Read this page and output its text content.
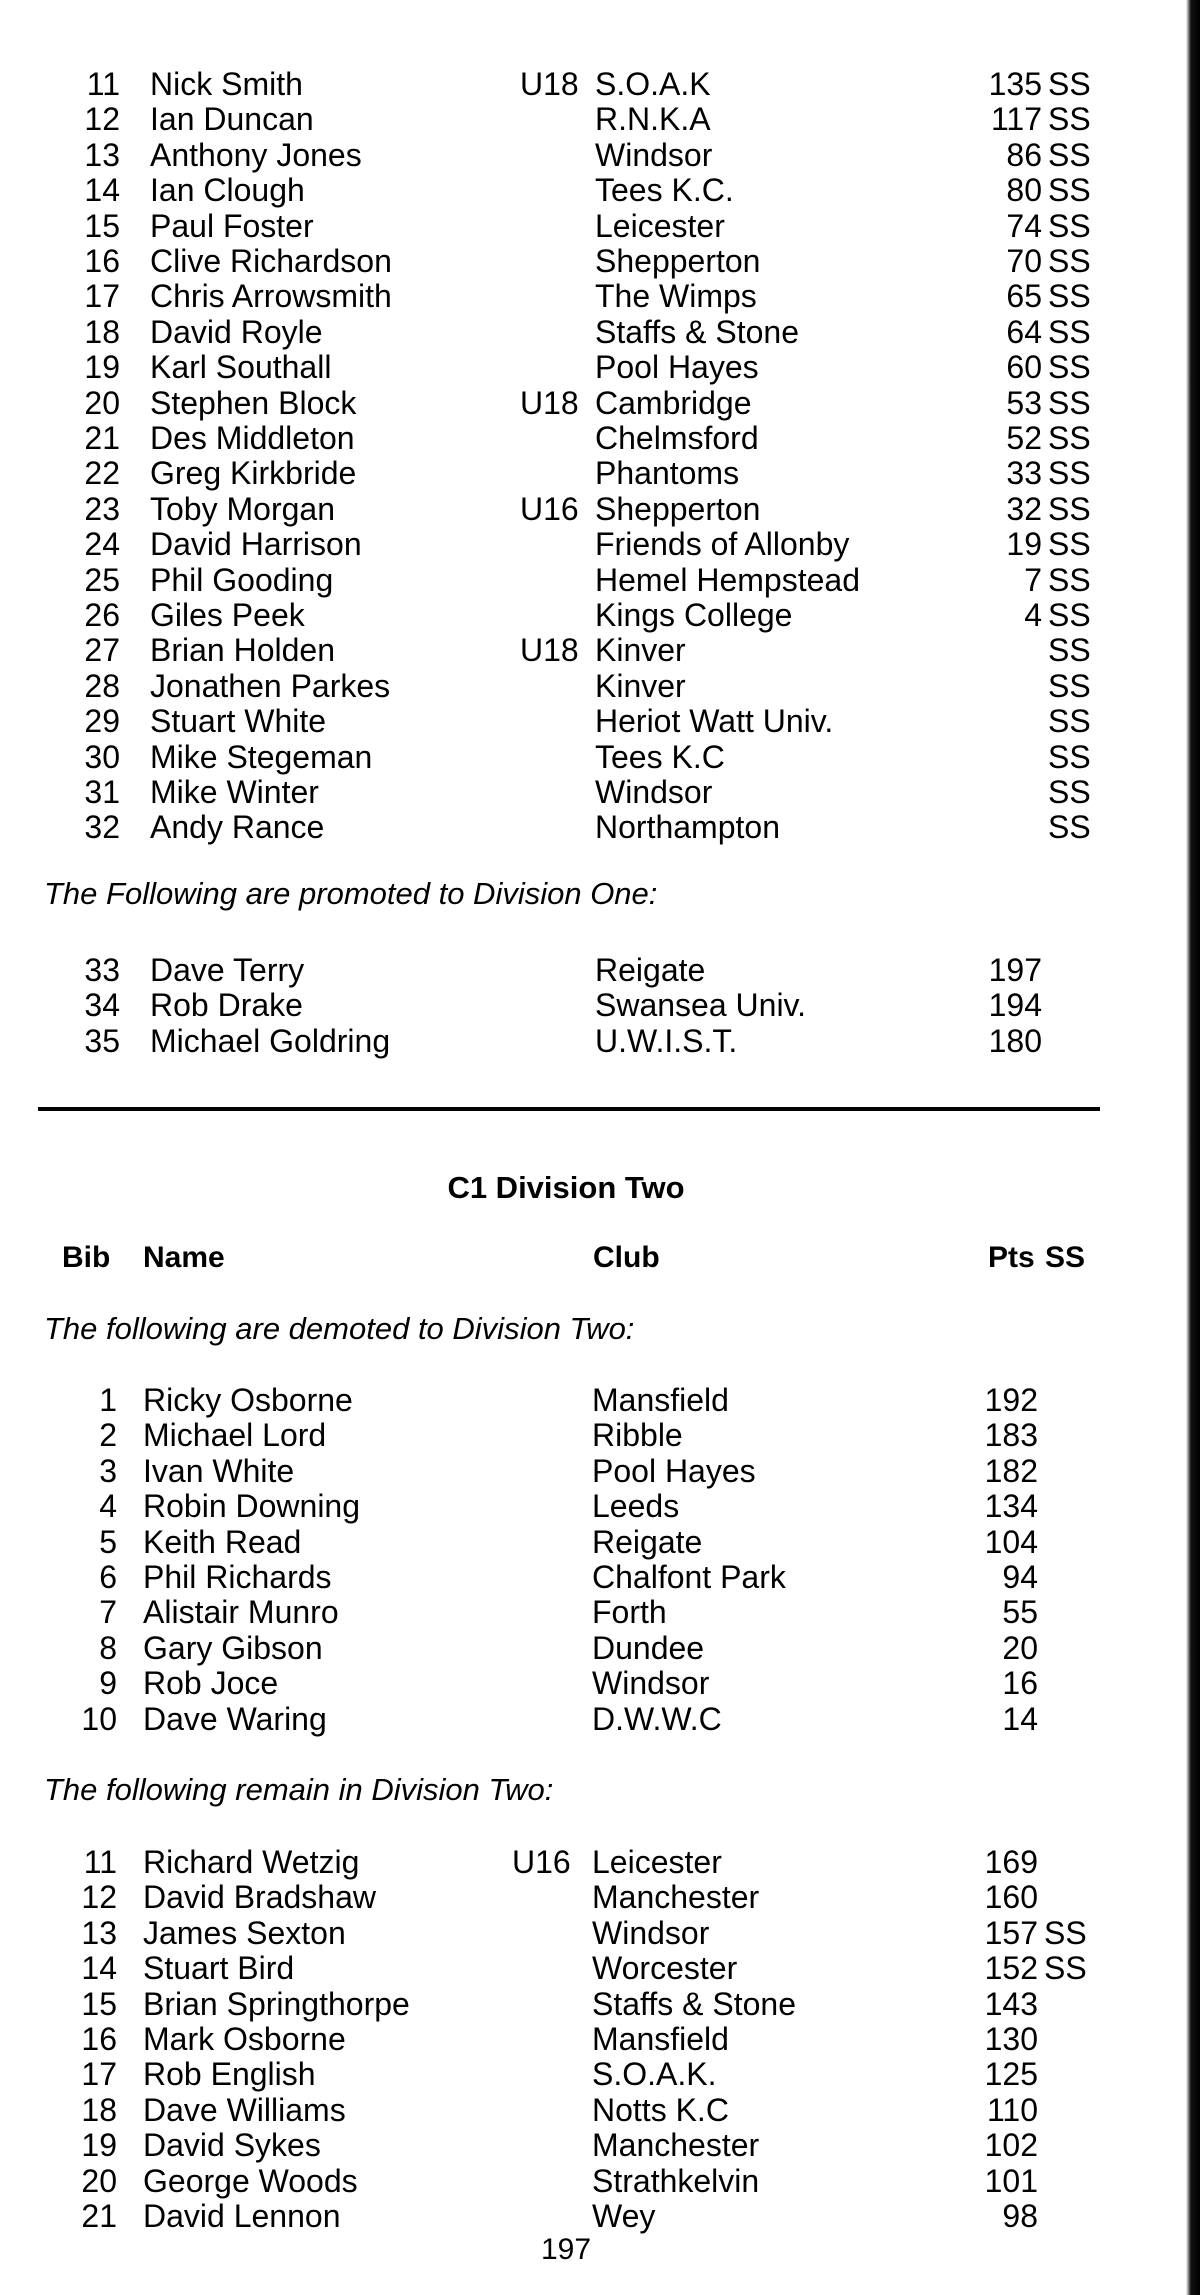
11 Nick Smith	U18 S.O.A.K	135 SS
12 Ian Duncan	R.N.K.A	117 SS
13 Anthony Jones	Windsor	86 SS
14 Ian Clough	Tees K.C.	80 SS
15 Paul Foster	Leicester	74 SS
16 Clive Richardson	Shepperton	70 SS
17 Chris Arrowsmith	The Wimps	65 SS
18 David Royle	Staffs & Stone	64 SS
19 Karl Southall	Pool Hayes	60 SS
20 Stephen Block	U18 Cambridge	53 SS
21 Des Middleton	Chelmsford	52 SS
22 Greg Kirkbride	Phantoms	33 SS
23 Toby Morgan	U16 Shepperton	32 SS
24 David Harrison	Friends of Allonby	19 SS
25 Phil Gooding	Hemel Hempstead	7 SS
26 Giles Peek	Kings College	4 SS
27 Brian Holden	U18 Kinver	SS
28 Jonathen Parkes	Kinver	SS
29 Stuart White	Heriot Watt Univ.	SS
30 Mike Stegeman	Tees K.C	SS
31 Mike Winter	Windsor	SS
32 Andy Rance	Northampton	SS
The Following are promoted to Division One:
33 Dave Terry	Reigate	197
34 Rob Drake	Swansea Univ.	194
35 Michael Goldring	U.W.I.S.T.	180
C1 Division Two
Bib Name	Club	Pts SS
The following are demoted to Division Two:
1 Ricky Osborne	Mansfield	192
2 Michael Lord	Ribble	183
3 Ivan White	Pool Hayes	182
4 Robin Downing	Leeds	134
5 Keith Read	Reigate	104
6 Phil Richards	Chalfont Park	94
7 Alistair Munro	Forth	55
8 Gary Gibson	Dundee	20
9 Rob Joce	Windsor	16
10 Dave Waring	D.W.W.C	14
The following remain in Division Two:
11 Richard Wetzig	U16 Leicester	169
12 David Bradshaw	Manchester	160
13 James Sexton	Windsor	157 SS
14 Stuart Bird	Worcester	152 SS
15 Brian Springthorpe	Staffs & Stone	143
16 Mark Osborne	Mansfield	130
17 Rob English	S.O.A.K.	125
18 Dave Williams	Notts K.C	110
19 David Sykes	Manchester	102
20 George Woods	Strathkelvin	101
21 David Lennon	Wey	98
197
